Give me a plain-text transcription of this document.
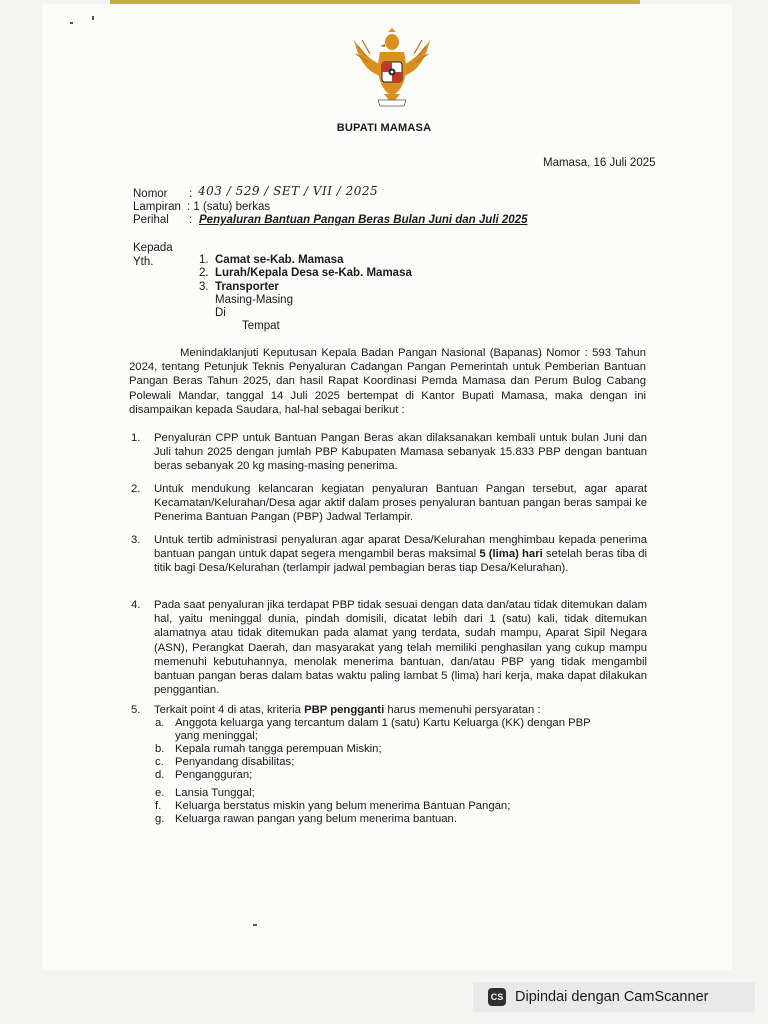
BUPATI MAMASA
Mamasa, 16 Juli 2025
Nomor : 403 / 529 / SET / VII / 2025
Lampiran : 1 (satu) berkas
Perihal : Penyaluran Bantuan Pangan Beras Bulan Juni dan Juli 2025
Kepada
Yth.	1. Camat se-Kab. Mamasa
2. Lurah/Kepala Desa se-Kab. Mamasa
3. Transporter
Masing-Masing
Di
Tempat
Menindaklanjuti Keputusan Kepala Badan Pangan Nasional (Bapanas) Nomor : 593 Tahun 2024, tentang Petunjuk Teknis Penyaluran Cadangan Pangan Pemerintah untuk Pemberian Bantuan Pangan Beras Tahun 2025, dan hasil Rapat Koordinasi Pemda Mamasa dan Perum Bulog Cabang Polewali Mandar, tanggal 14 Juli 2025 bertempat di Kantor Bupati Mamasa, maka dengan ini disampaikan kepada Saudara, hal-hal sebagai berikut :
1. Penyaluran CPP untuk Bantuan Pangan Beras akan dilaksanakan kembali untuk bulan Juni dan Juli tahun 2025 dengan jumlah PBP Kabupaten Mamasa sebanyak 15.833 PBP dengan bantuan beras sebanyak 20 kg masing-masing penerima.
2. Untuk mendukung kelancaran kegiatan penyaluran Bantuan Pangan tersebut, agar aparat Kecamatan/Kelurahan/Desa agar aktif dalam proses penyaluran bantuan pangan beras sampai ke Penerima Bantuan Pangan (PBP) Jadwal Terlampir.
3. Untuk tertib administrasi penyaluran agar aparat Desa/Kelurahan menghimbau kepada penerima bantuan pangan untuk dapat segera mengambil beras maksimal 5 (lima) hari setelah beras tiba di titik bagi Desa/Kelurahan (terlampir jadwal pembagian beras tiap Desa/Kelurahan).
4. Pada saat penyaluran jika terdapat PBP tidak sesuai dengan data dan/atau tidak ditemukan dalam hal, yaitu meninggal dunia, pindah domisili, dicatat lebih dari 1 (satu) kali, tidak ditemukan alamatnya atau tidak ditemukan pada alamat yang terdata, sudah mampu, Aparat Sipil Negara (ASN), Perangkat Daerah, dan masyarakat yang telah memiliki penghasilan yang cukup mampu memenuhi kebutuhannya, menolak menerima bantuan, dan/atau PBP yang tidak mengambil bantuan pangan beras dalam batas waktu paling lambat 5 (lima) hari kerja, maka dapat dilakukan penggantian.
5. Terkait point 4 di atas, kriteria PBP pengganti harus memenuhi persyaratan :
a. Anggota keluarga yang tercantum dalam 1 (satu) Kartu Keluarga (KK) dengan PBP
yang meninggal;
b. Kepala rumah tangga perempuan Miskin;
c. Penyandang disabilitas;
d. Pengangguran;
e. Lansia Tunggal;
f. Keluarga berstatus miskin yang belum menerima Bantuan Pangan;
g. Keluarga rawan pangan yang belum menerima bantuan.
CS Dipindai dengan CamScanner
